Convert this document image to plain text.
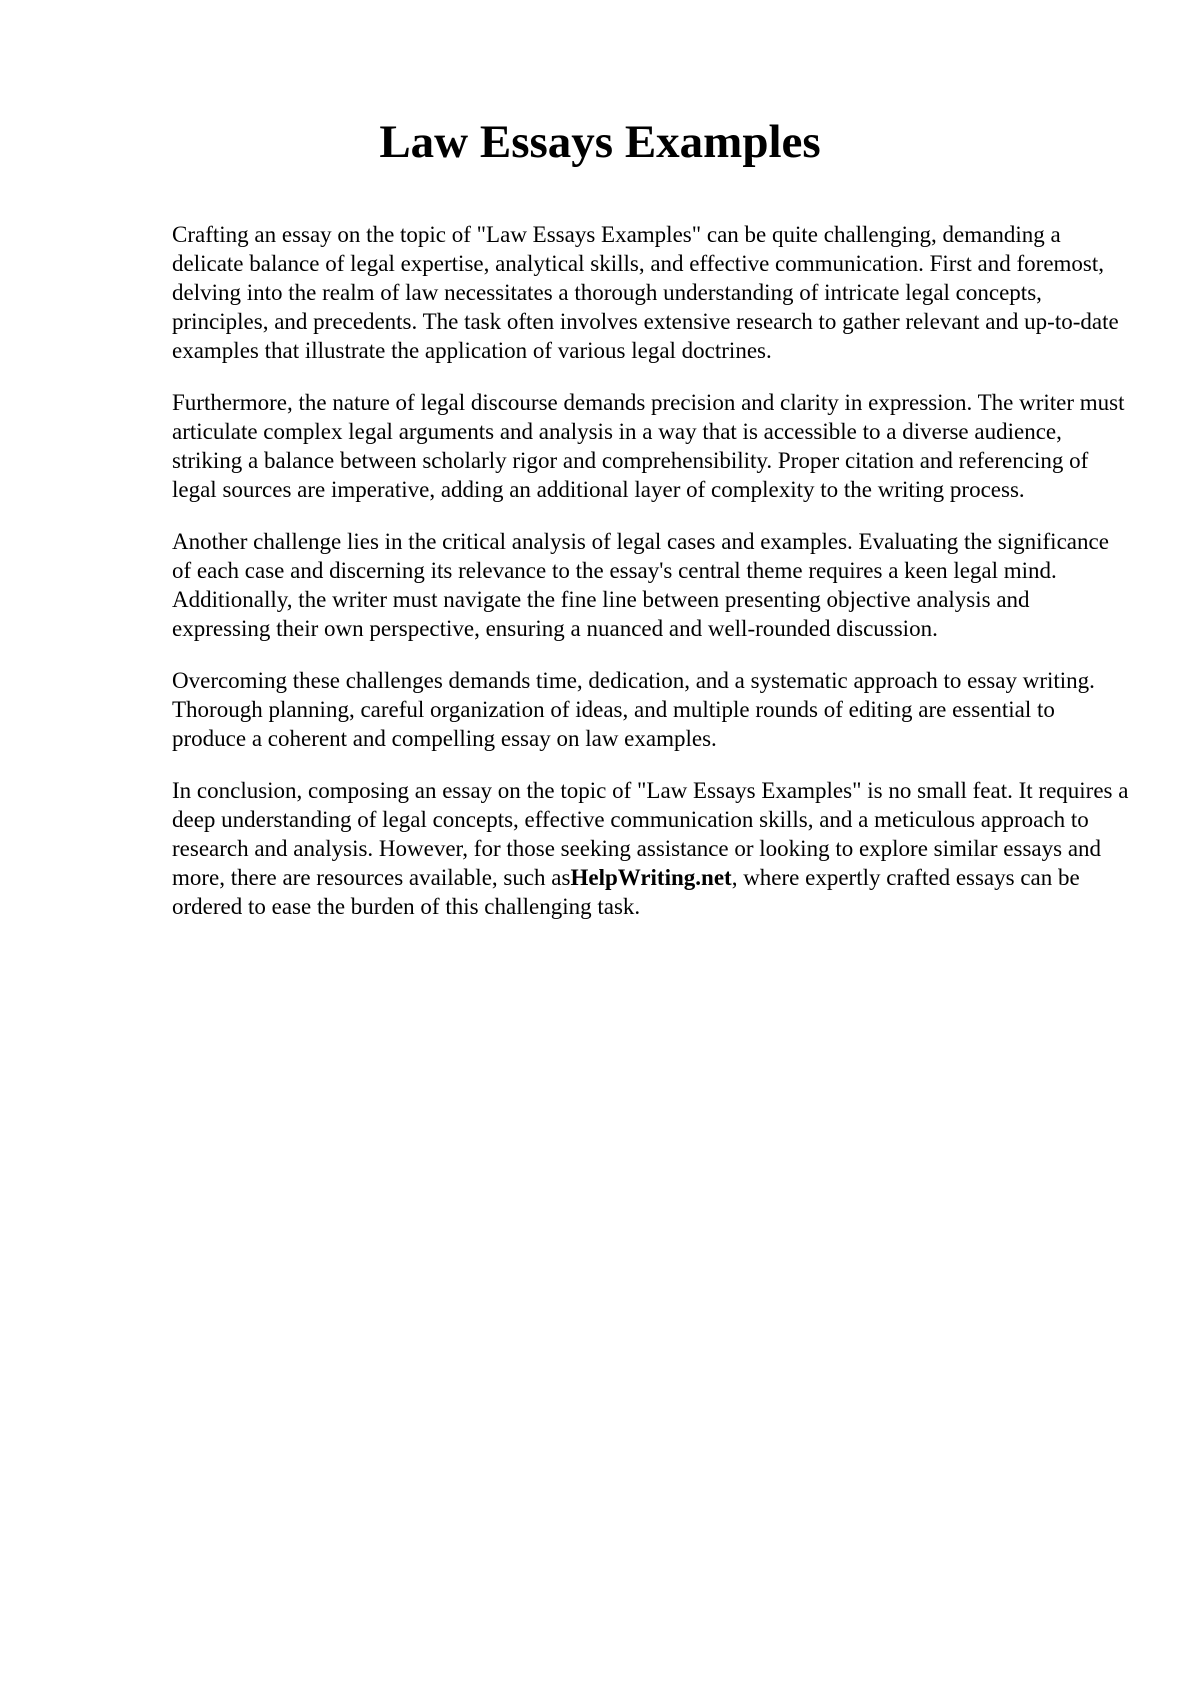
Law Essays Examples

Crafting an essay on the topic of "Law Essays Examples" can be quite challenging, demanding a delicate balance of legal expertise, analytical skills, and effective communication. First and foremost, delving into the realm of law necessitates a thorough understanding of intricate legal concepts, principles, and precedents. The task often involves extensive research to gather relevant and up-to-date examples that illustrate the application of various legal doctrines.

Furthermore, the nature of legal discourse demands precision and clarity in expression. The writer must articulate complex legal arguments and analysis in a way that is accessible to a diverse audience, striking a balance between scholarly rigor and comprehensibility. Proper citation and referencing of legal sources are imperative, adding an additional layer of complexity to the writing process.

Another challenge lies in the critical analysis of legal cases and examples. Evaluating the significance of each case and discerning its relevance to the essay's central theme requires a keen legal mind. Additionally, the writer must navigate the fine line between presenting objective analysis and expressing their own perspective, ensuring a nuanced and well-rounded discussion.

Overcoming these challenges demands time, dedication, and a systematic approach to essay writing. Thorough planning, careful organization of ideas, and multiple rounds of editing are essential to produce a coherent and compelling essay on law examples.

In conclusion, composing an essay on the topic of "Law Essays Examples" is no small feat. It requires a deep understanding of legal concepts, effective communication skills, and a meticulous approach to research and analysis. However, for those seeking assistance or looking to explore similar essays and more, there are resources available, such asHelpWriting.net, where expertly crafted essays can be ordered to ease the burden of this challenging task.
